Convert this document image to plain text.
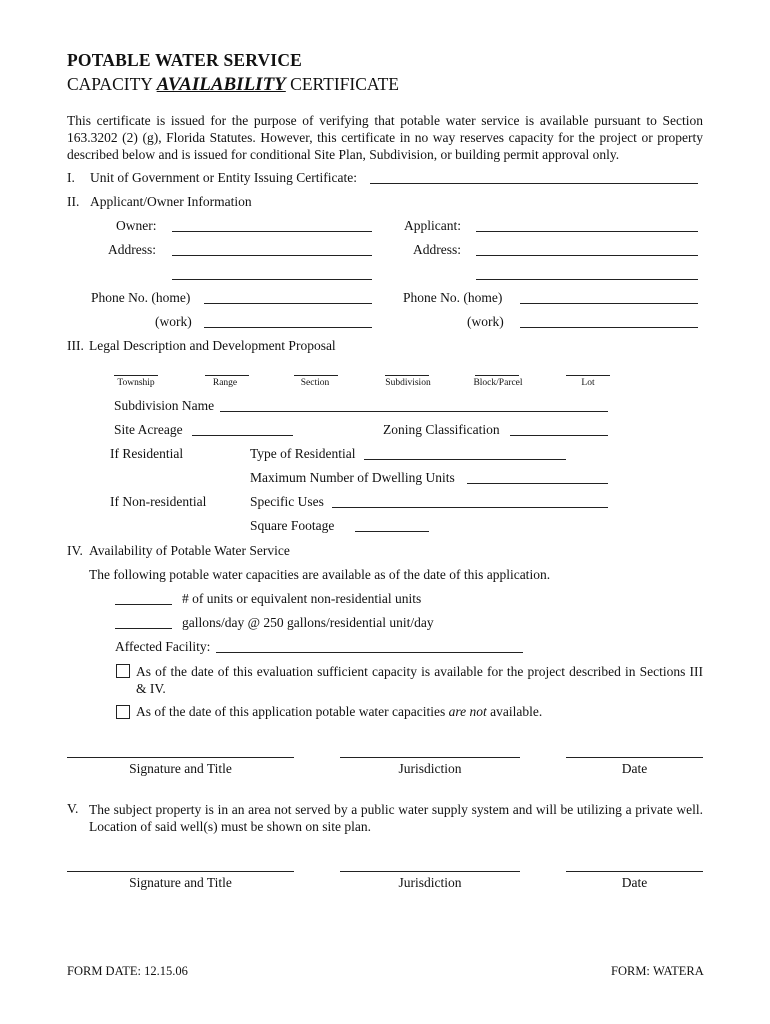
POTABLE WATER SERVICE
CAPACITY AVAILABILITY CERTIFICATE
This certificate is issued for the purpose of verifying that potable water service is available pursuant to Section 163.3202 (2) (g), Florida Statutes. However, this certificate in no way reserves capacity for the project or property described below and is issued for conditional Site Plan, Subdivision, or building permit approval only.
I. Unit of Government or Entity Issuing Certificate:
II. Applicant/Owner Information
Owner:	Applicant:
Address:	Address:
Phone No. (home)	Phone No. (home)
(work)	(work)
III. Legal Description and Development Proposal
Township	Range	Section	Subdivision	Block/Parcel	Lot
Subdivision Name
Site Acreage	Zoning Classification
If Residential	Type of Residential
Maximum Number of Dwelling Units
If Non-residential	Specific Uses
Square Footage
IV. Availability of Potable Water Service
The following potable water capacities are available as of the date of this application.
# of units or equivalent non-residential units
gallons/day @ 250 gallons/residential unit/day
Affected Facility:
As of the date of this evaluation sufficient capacity is available for the project described in Sections III & IV.
As of the date of this application potable water capacities are not available.
Signature and Title	Jurisdiction	Date
V. The subject property is in an area not served by a public water supply system and will be utilizing a private well. Location of said well(s) must be shown on site plan.
Signature and Title	Jurisdiction	Date
FORM DATE: 12.15.06	FORM: WATERA
